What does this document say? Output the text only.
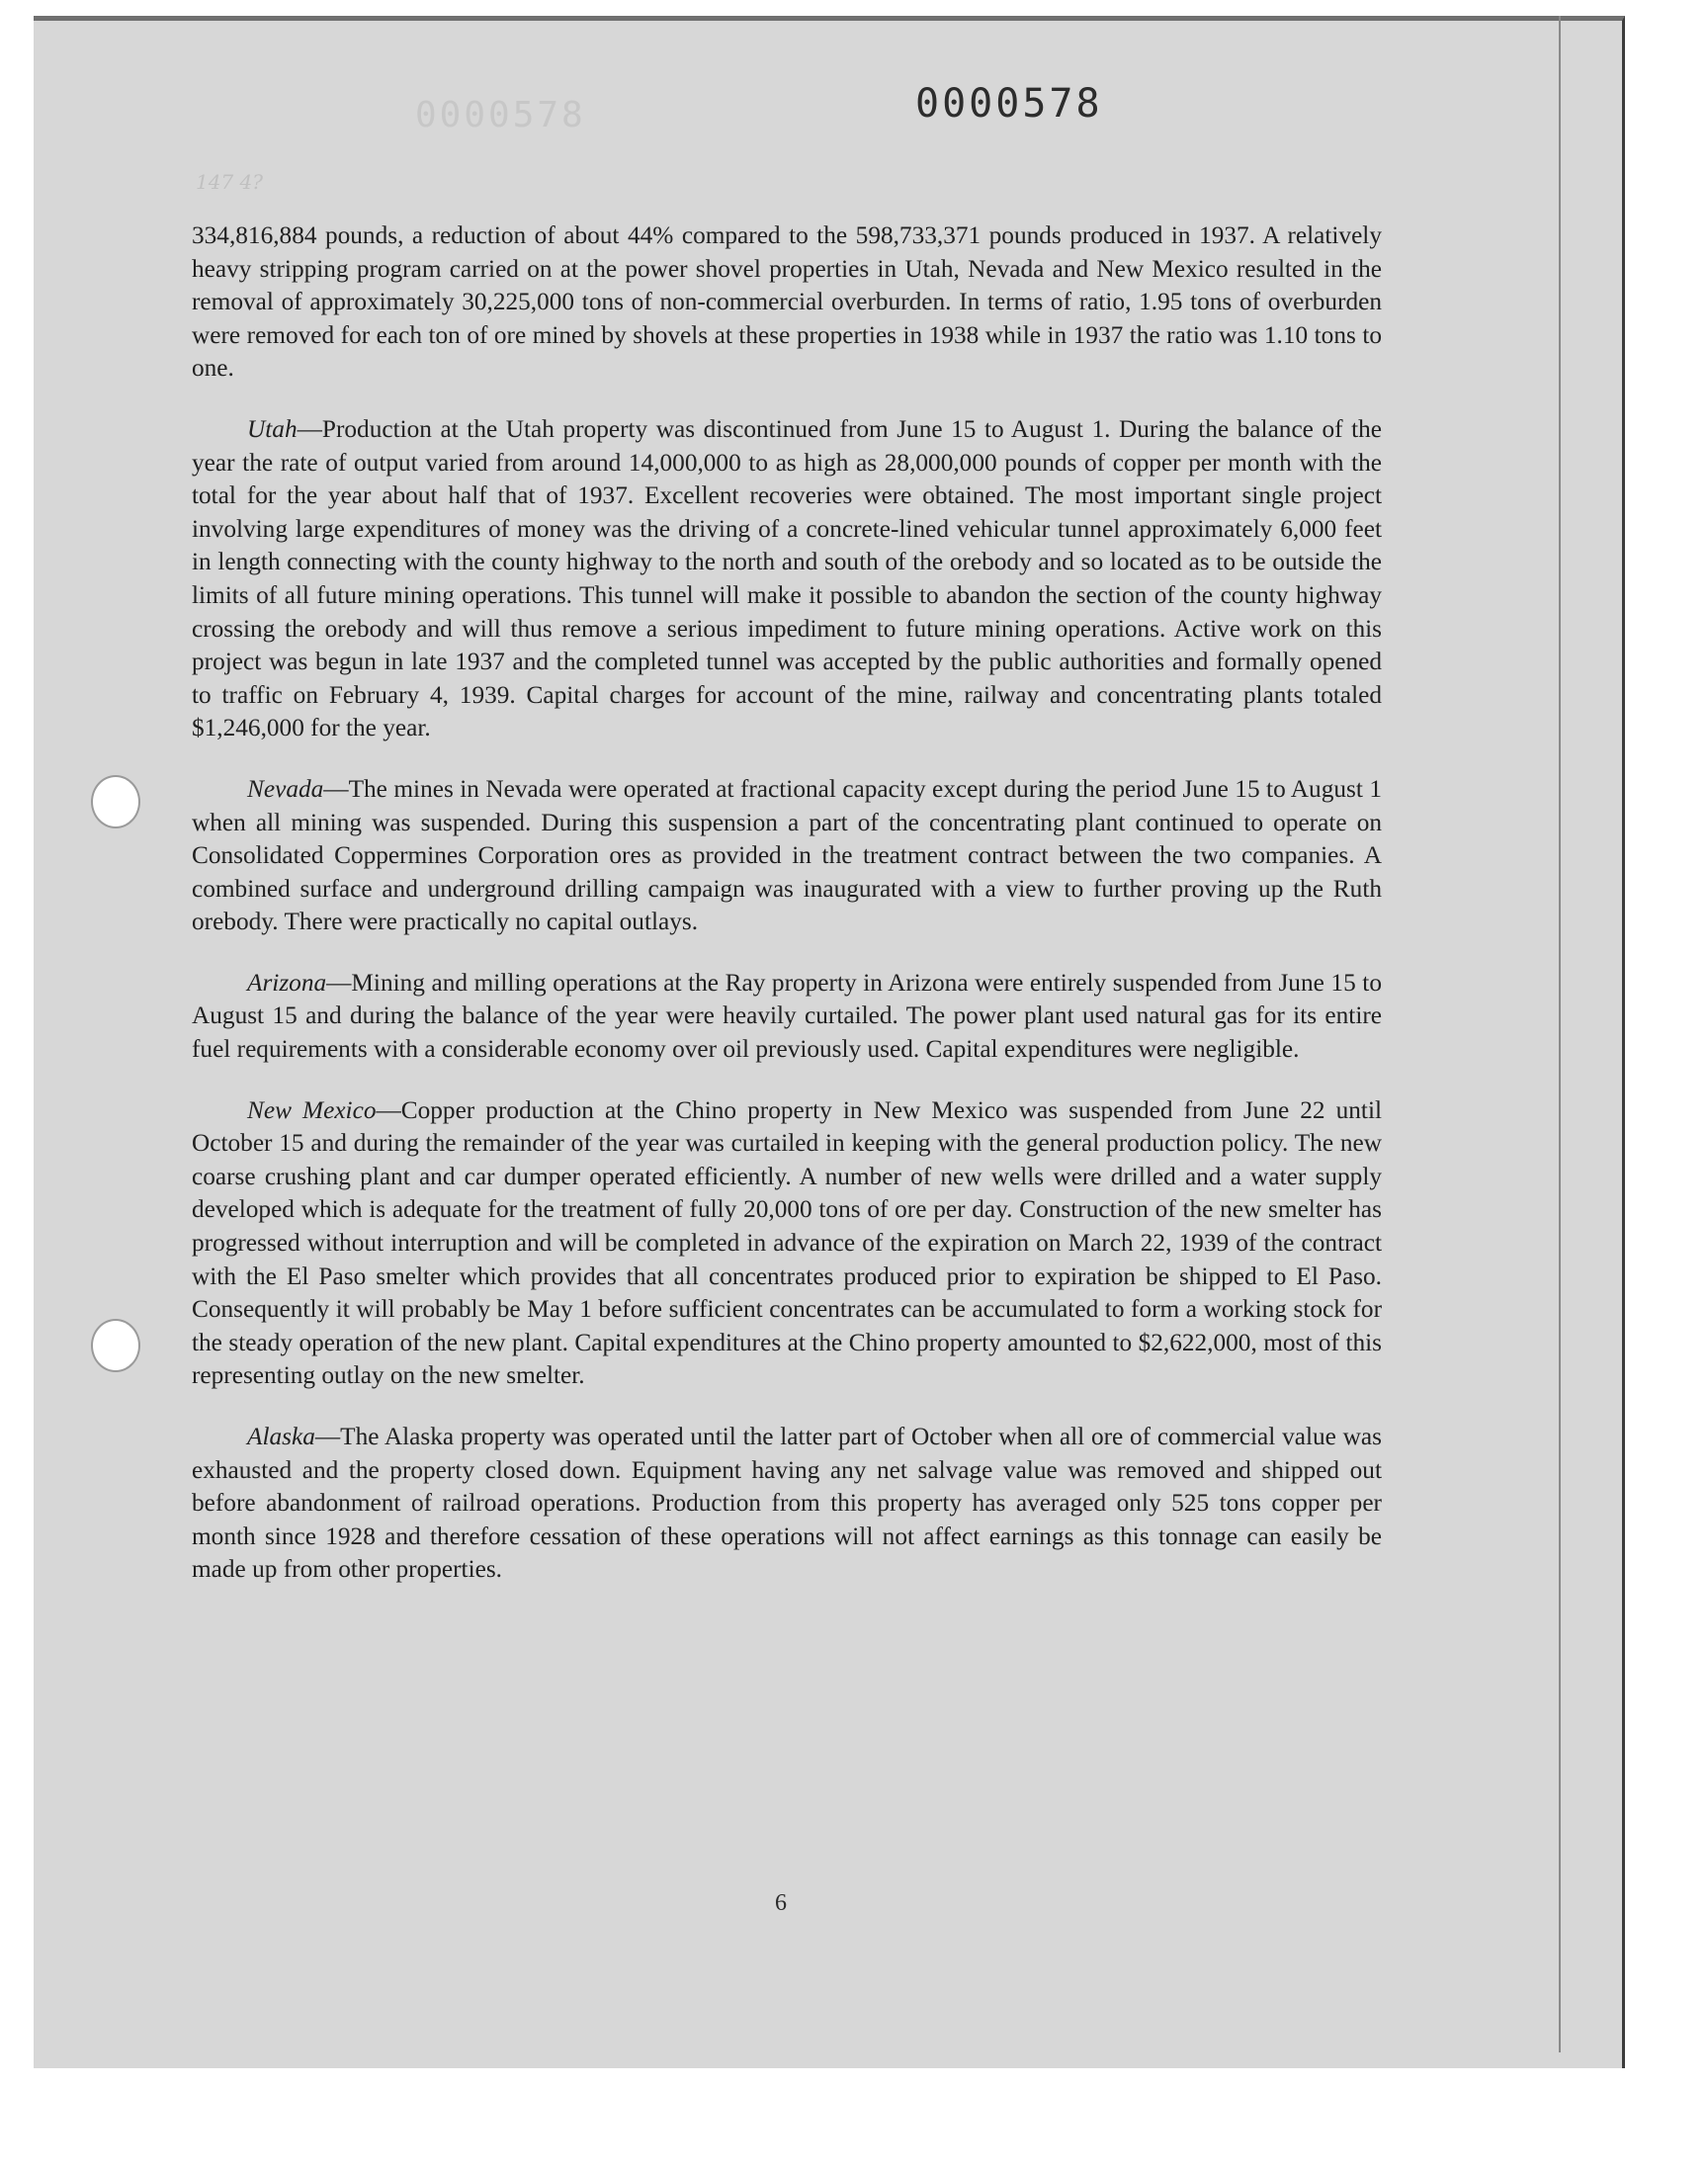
0000578
147 4?
0000578

334,816,884 pounds, a reduction of about 44% compared to the 598,733,371 pounds produced in 1937. A relatively heavy stripping program carried on at the power shovel properties in Utah, Nevada and New Mexico resulted in the removal of approximately 30,225,000 tons of non-commercial overburden. In terms of ratio, 1.95 tons of overburden were removed for each ton of ore mined by shovels at these properties in 1938 while in 1937 the ratio was 1.10 tons to one.

Utah—Production at the Utah property was discontinued from June 15 to August 1. During the balance of the year the rate of output varied from around 14,000,000 to as high as 28,000,000 pounds of copper per month with the total for the year about half that of 1937. Excellent recoveries were obtained. The most important single project involving large expenditures of money was the driving of a concrete-lined vehicular tunnel approximately 6,000 feet in length connecting with the county highway to the north and south of the orebody and so located as to be outside the limits of all future mining operations. This tunnel will make it possible to abandon the section of the county highway crossing the orebody and will thus remove a serious impediment to future mining operations. Active work on this project was begun in late 1937 and the completed tunnel was accepted by the public authorities and formally opened to traffic on February 4, 1939. Capital charges for account of the mine, railway and concentrating plants totaled $1,246,000 for the year.

Nevada—The mines in Nevada were operated at fractional capacity except during the period June 15 to August 1 when all mining was suspended. During this suspension a part of the concentrating plant continued to operate on Consolidated Coppermines Corporation ores as provided in the treatment contract between the two companies. A combined surface and underground drilling campaign was inaugurated with a view to further proving up the Ruth orebody. There were practically no capital outlays.

Arizona—Mining and milling operations at the Ray property in Arizona were entirely suspended from June 15 to August 15 and during the balance of the year were heavily curtailed. The power plant used natural gas for its entire fuel requirements with a considerable economy over oil previously used. Capital expenditures were negligible.

New Mexico—Copper production at the Chino property in New Mexico was suspended from June 22 until October 15 and during the remainder of the year was curtailed in keeping with the general production policy. The new coarse crushing plant and car dumper operated efficiently. A number of new wells were drilled and a water supply developed which is adequate for the treatment of fully 20,000 tons of ore per day. Construction of the new smelter has progressed without interruption and will be completed in advance of the expiration on March 22, 1939 of the contract with the El Paso smelter which provides that all concentrates produced prior to expiration be shipped to El Paso. Consequently it will probably be May 1 before sufficient concentrates can be accumulated to form a working stock for the steady operation of the new plant. Capital expenditures at the Chino property amounted to $2,622,000, most of this representing outlay on the new smelter.

Alaska—The Alaska property was operated until the latter part of October when all ore of commercial value was exhausted and the property closed down. Equipment having any net salvage value was removed and shipped out before abandonment of railroad operations. Production from this property has averaged only 525 tons copper per month since 1928 and therefore cessation of these operations will not affect earnings as this tonnage can easily be made up from other properties.

6
